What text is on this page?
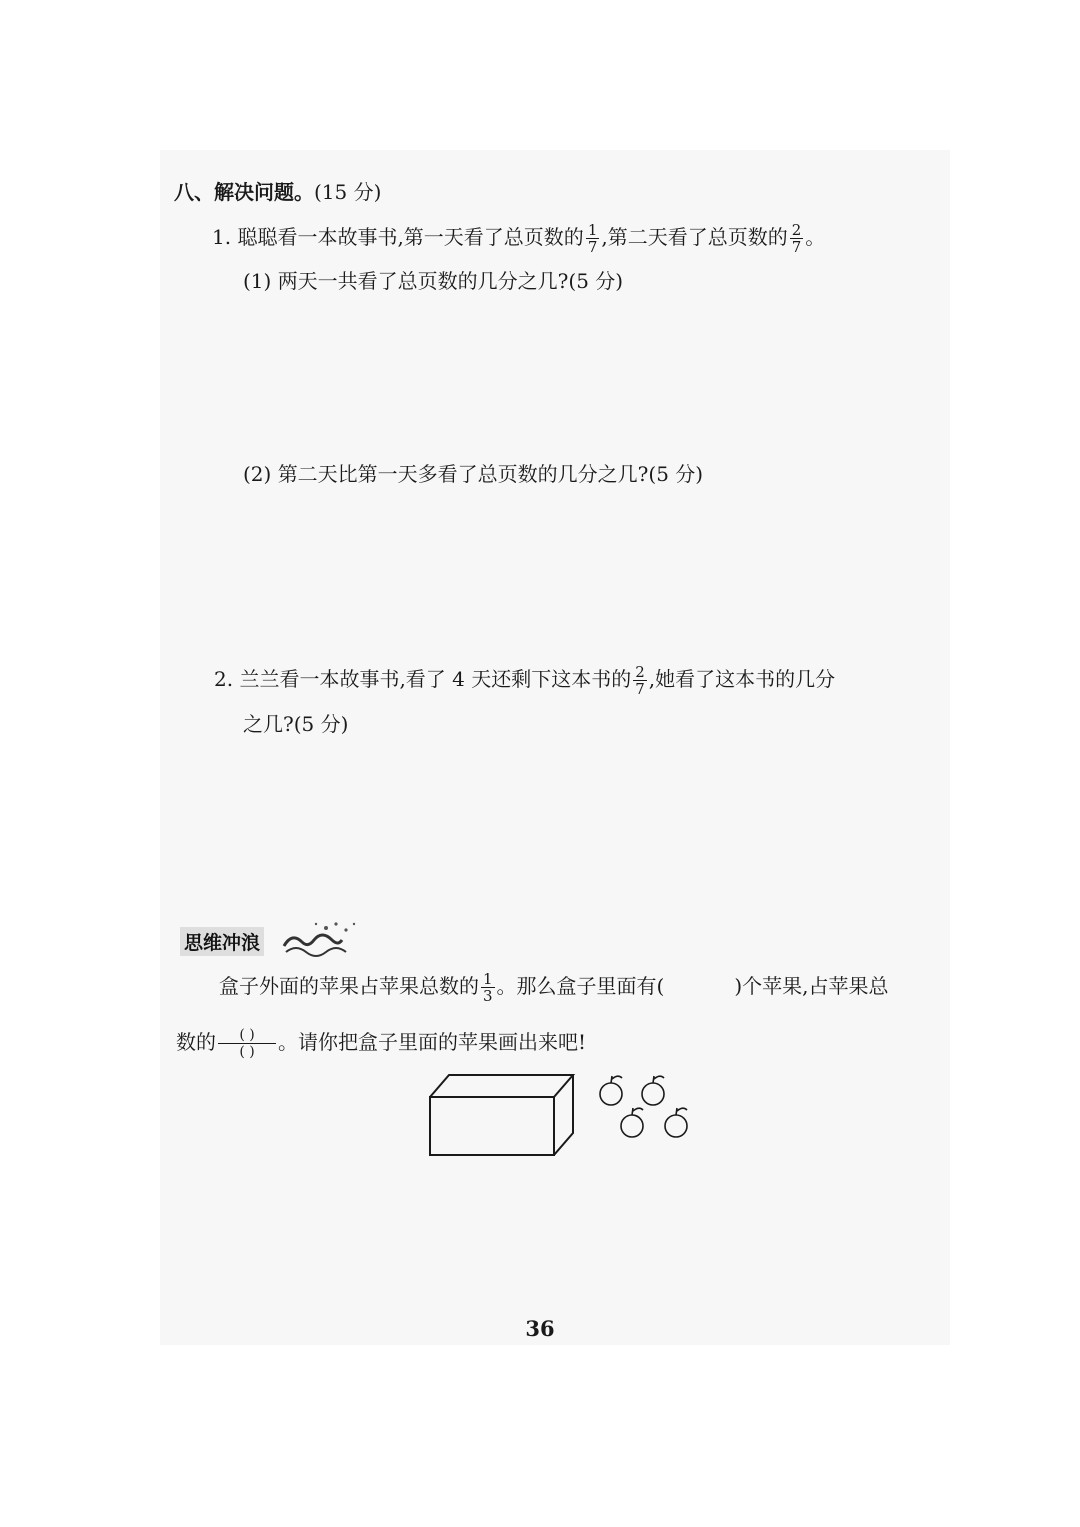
八、解决问题。(15 分)
1. 聪聪看一本故事书,第一天看了总页数的 $\frac{1}{7}$ ,第二天看了总页数的 $\frac{2}{7}$ 。
(1) 两天一共看了总页数的几分之几?(5 分)
(2) 第二天比第一天多看了总页数的几分之几?(5 分)
2. 兰兰看一本故事书,看了 4 天还剩下这本书的 $\frac{2}{7}$ ,她看了这本书的几分
之几?(5 分)
思维冲浪
盒子外面的苹果占苹果总数的 $\frac{1}{3}$ 。那么盒子里面有(	)个苹果,占苹果总
数的 $\frac{( )}{( )}$ 。请你把盒子里面的苹果画出来吧!
36
